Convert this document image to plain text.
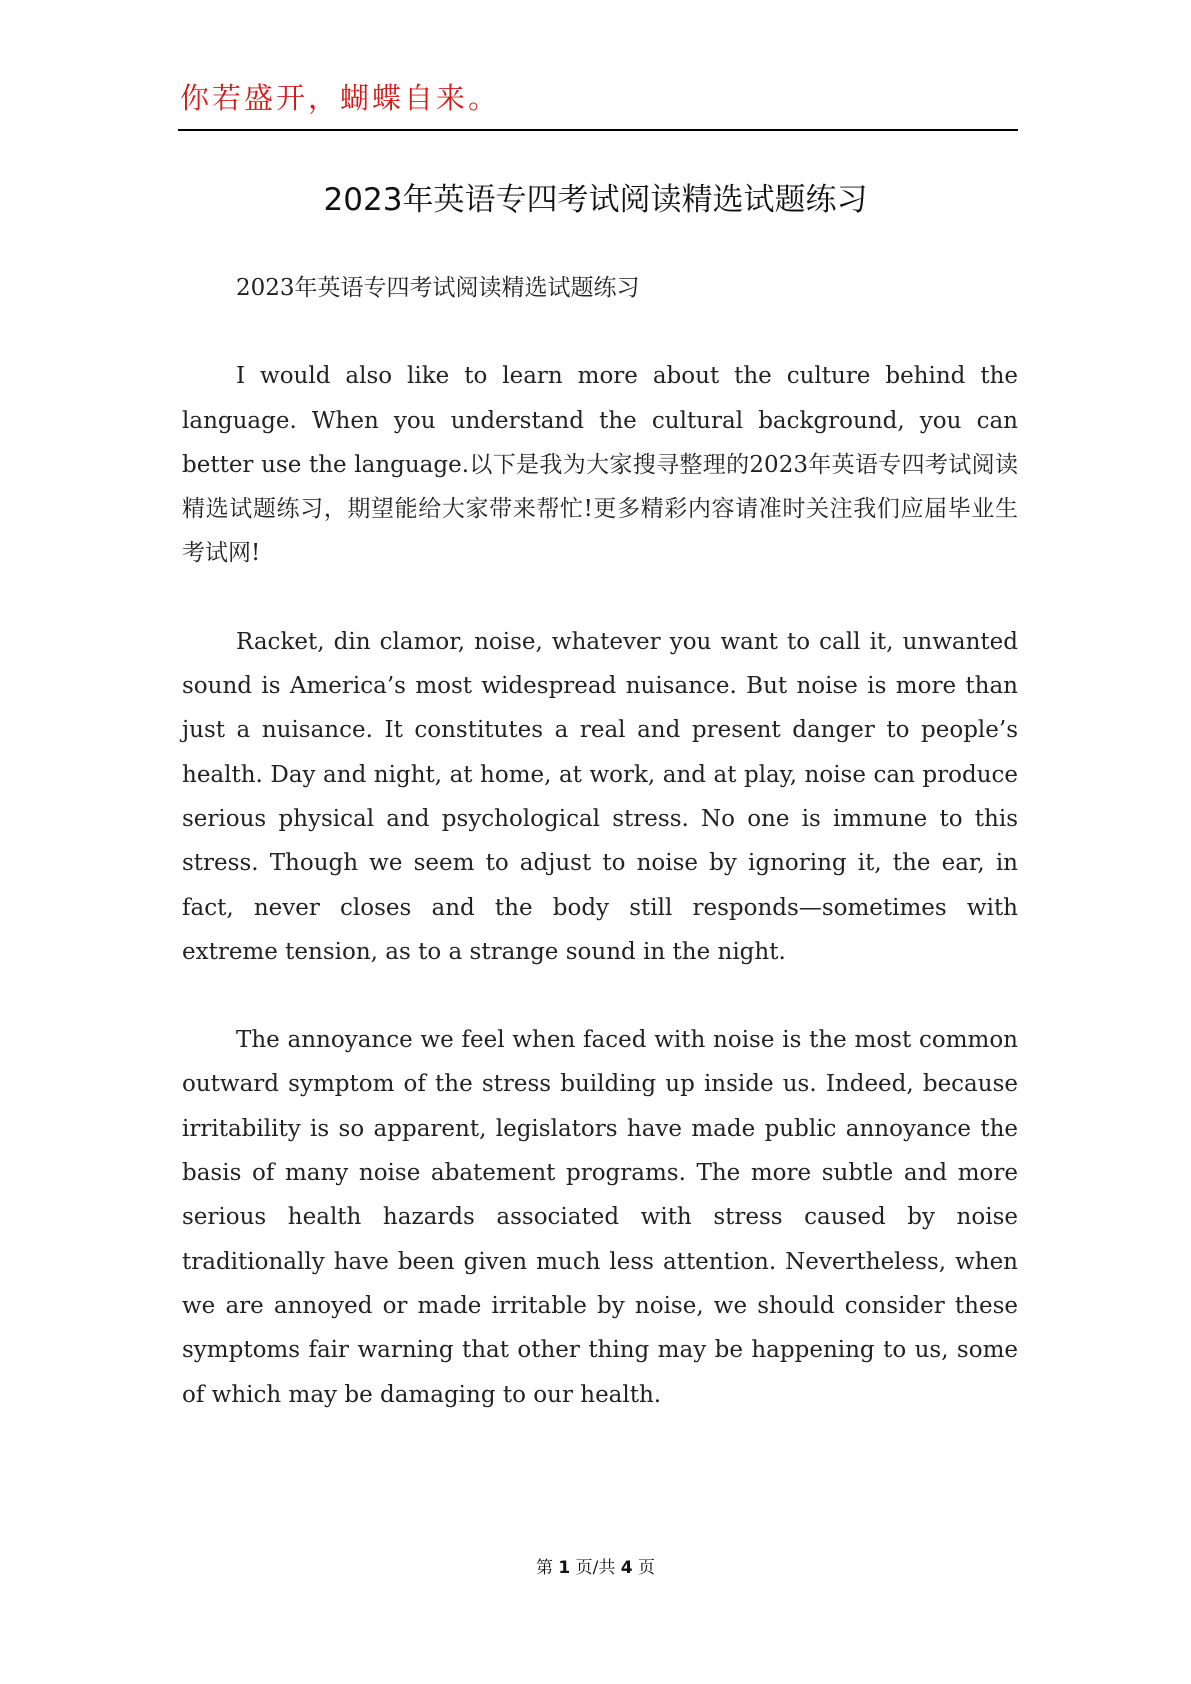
你若盛开，蝴蝶自来。
2023年英语专四考试阅读精选试题练习

2023年英语专四考试阅读精选试题练习

I would also like to learn more about the culture behind the language. When you understand the cultural background, you can better use the language.以下是我为大家搜寻整理的2023年英语专四考试阅读精选试题练习，期望能给大家带来帮忙!更多精彩内容请准时关注我们应届毕业生考试网!

Racket, din clamor, noise, whatever you want to call it, unwanted sound is America’s most widespread nuisance. But noise is more than just a nuisance. It constitutes a real and present danger to people’s health. Day and night, at home, at work, and at play, noise can produce serious physical and psychological stress. No one is immune to this stress. Though we seem to adjust to noise by ignoring it, the ear, in fact, never closes and the body still responds—sometimes with extreme tension, as to a strange sound in the night.

The annoyance we feel when faced with noise is the most common outward symptom of the stress building up inside us. Indeed, because irritability is so apparent, legislators have made public annoyance the basis of many noise abatement programs. The more subtle and more serious health hazards associated with stress caused by noise traditionally have been given much less attention. Nevertheless, when we are annoyed or made irritable by noise, we should consider these symptoms fair warning that other thing may be happening to us, some of which may be damaging to our health.

第 1 页/共 4 页
